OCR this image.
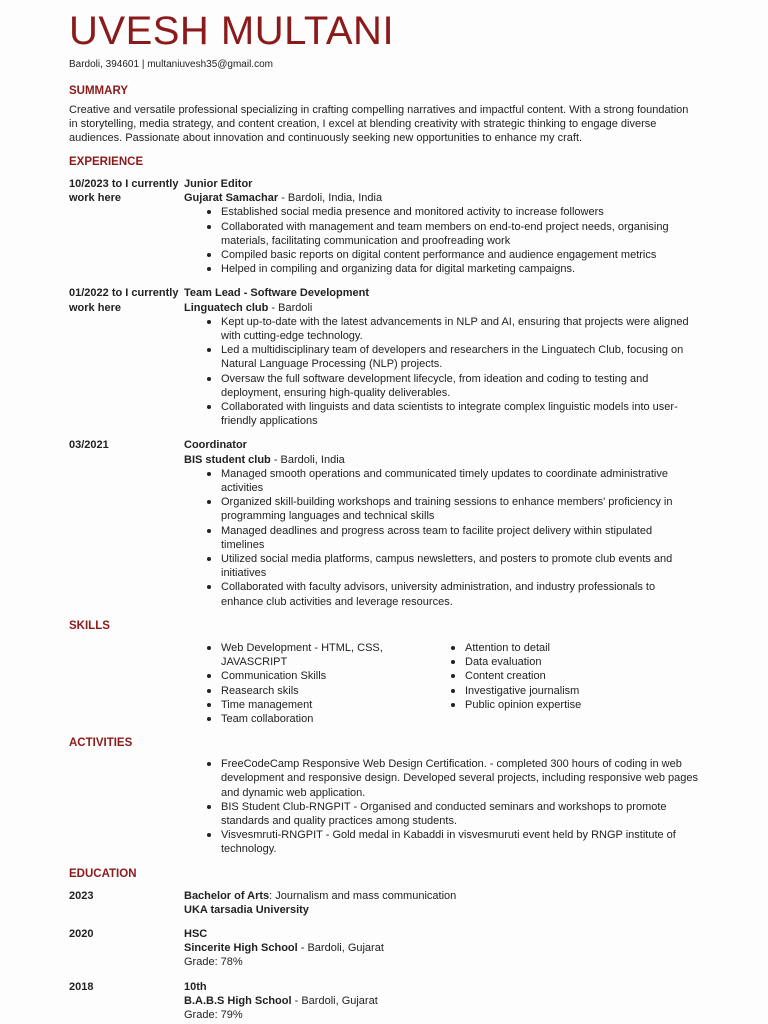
UVESH MULTANI
Bardoli, 394601 | multaniuvesh35@gmail.com
SUMMARY

Creative and versatile professional specializing in crafting compelling narratives and impactful content. With a strong foundation in storytelling, media strategy, and content creation, I excel at blending creativity with strategic thinking to engage diverse audiences. Passionate about innovation and continuously seeking new opportunities to enhance my craft.

EXPERIENCE
10/2023 to I currently work here
Junior Editor
Gujarat Samachar - Bardoli, India, India
Established social media presence and monitored activity to increase followers
Collaborated with management and team members on end-to-end project needs, organising materials, facilitating communication and proofreading work
Compiled basic reports on digital content performance and audience engagement metrics
Helped in compiling and organizing data for digital marketing campaigns.
01/2022 to I currently work here
Team Lead - Software Development
Linguatech club - Bardoli
Kept up-to-date with the latest advancements in NLP and AI, ensuring that projects were aligned with cutting-edge technology.
Led a multidisciplinary team of developers and researchers in the Linguatech Club, focusing on Natural Language Processing (NLP) projects.
Oversaw the full software development lifecycle, from ideation and coding to testing and deployment, ensuring high-quality deliverables.
Collaborated with linguists and data scientists to integrate complex linguistic models into user-friendly applications
03/2021	Coordinator
BIS student club - Bardoli, India
Managed smooth operations and communicated timely updates to coordinate administrative activities
Organized skill-building workshops and training sessions to enhance members' proficiency in programming languages and technical skills
Managed deadlines and progress across team to facilite project delivery within stipulated timelines
Utilized social media platforms, campus newsletters, and posters to promote club events and initiatives
Collaborated with faculty advisors, university administration, and industry professionals to enhance club activities and leverage resources.
SKILLS
Web Development - HTML, CSS, JAVASCRIPT
Communication Skills
Reasearch skils
Time management
Team collaboration
Attention to detail
Data evaluation
Content creation
Investigative journalism
Public opinion expertise
ACTIVITIES
FreeCodeCamp Responsive Web Design Certification. - completed 300 hours of coding in web development and responsive design. Developed several projects, including responsive web pages and dynamic web application.
BIS Student Club-RNGPIT - Organised and conducted seminars and workshops to promote standards and quality practices among students.
Visvesmruti-RNGPIT - Gold medal in Kabaddi in visvesmuruti event held by RNGP institute of technology.
EDUCATION
2023	Bachelor of Arts: Journalism and mass communication
UKA tarsadia University
2020	HSC
Sincerite High School - Bardoli, Gujarat
Grade: 78%
2018	10th
B.A.B.S High School - Bardoli, Gujarat
Grade: 79%
